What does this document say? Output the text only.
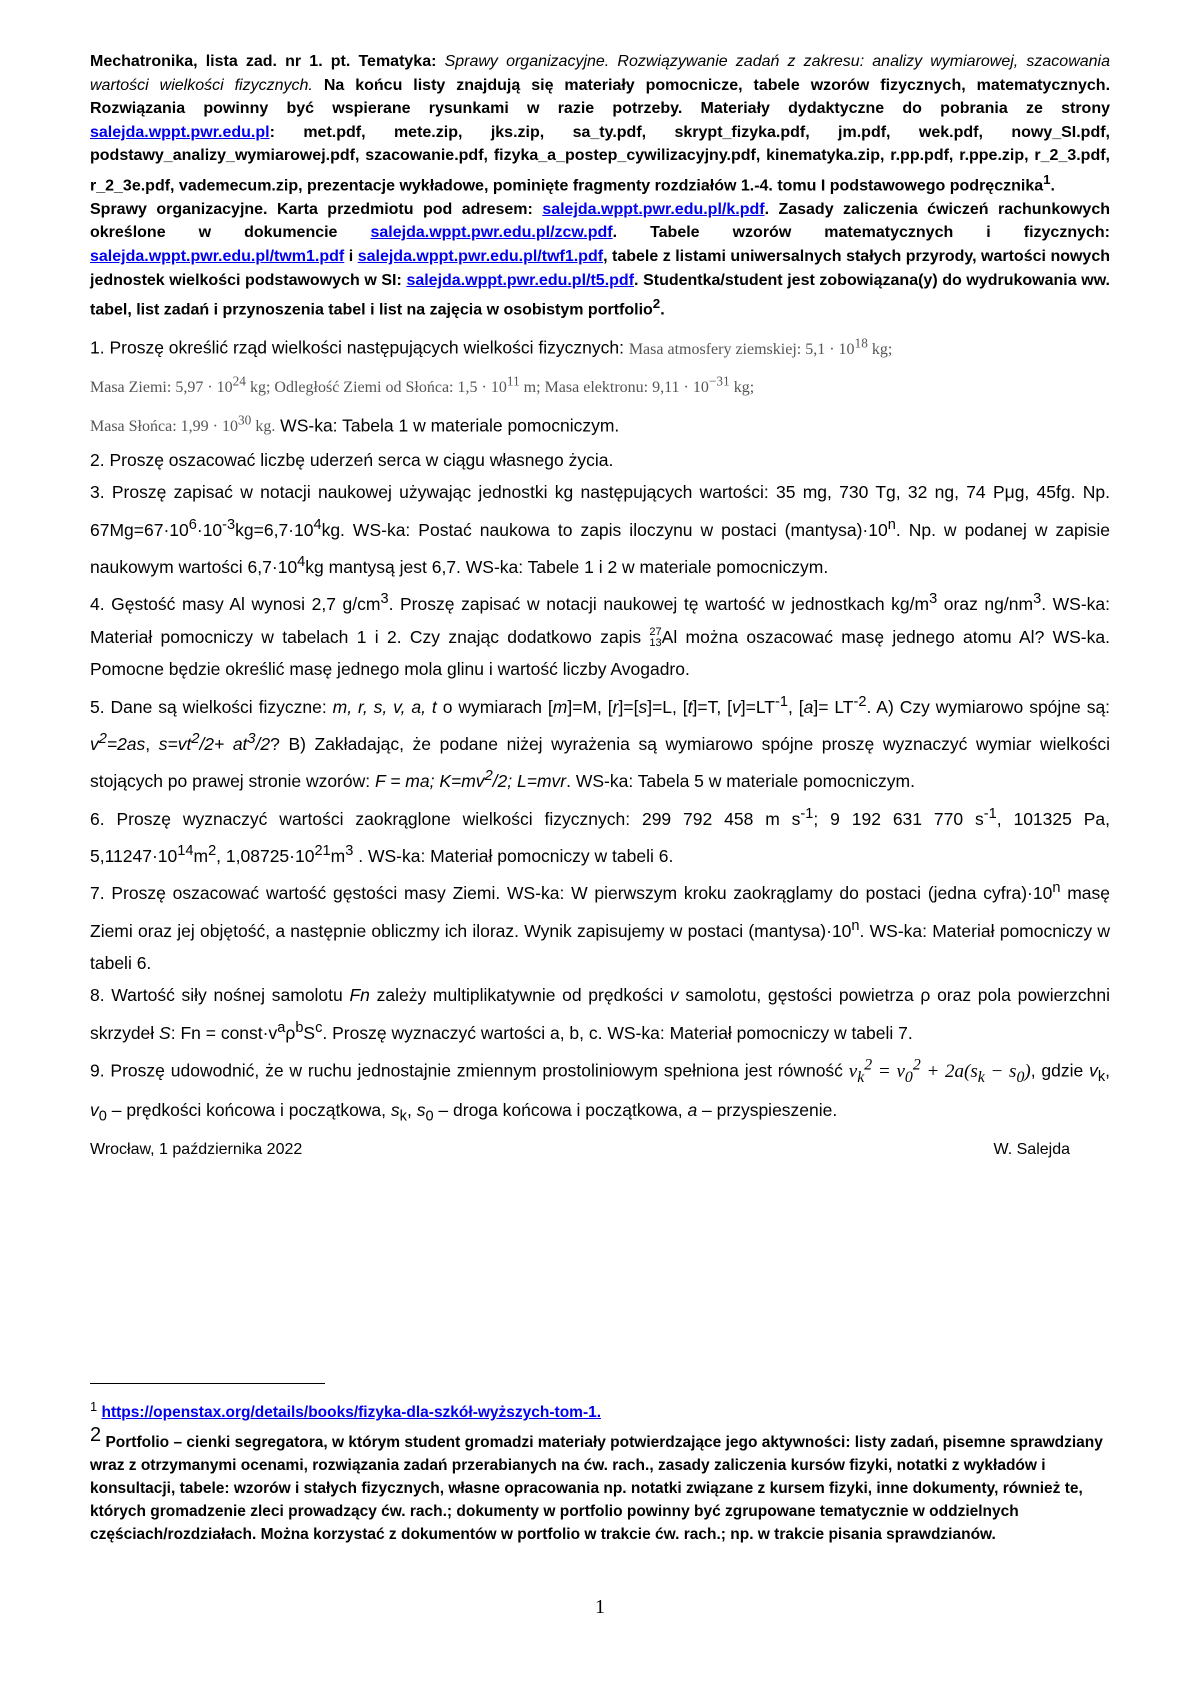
Mechatronika, lista zad. nr 1. pt. Tematyka: Sprawy organizacyjne. Rozwiązywanie zadań z zakresu: analizy wymiarowej, szacowania wartości wielkości fizycznych. Na końcu listy znajdują się materiały pomocnicze, tabele wzorów fizycznych, matematycznych. Rozwiązania powinny być wspierane rysunkami w razie potrzeby. Materiały dydaktyczne do pobrania ze strony salejda.wppt.pwr.edu.pl: met.pdf, mete.zip, jks.zip, sa_ty.pdf, skrypt_fizyka.pdf, jm.pdf, wek.pdf, nowy_SI.pdf, podstawy_analizy_wymiarowej.pdf, szacowanie.pdf, fizyka_a_postep_cywilizacyjny.pdf, kinematyka.zip, r.pp.pdf, r.ppe.zip, r_2_3.pdf, r_2_3e.pdf, vademecum.zip, prezentacje wykładowe, pominięte fragmenty rozdziałów 1.-4. tomu I podstawowego podręcznika$^1$.

Sprawy organizacyjne. Karta przedmiotu pod adresem: salejda.wppt.pwr.edu.pl/k.pdf. Zasady zaliczenia ćwiczeń rachunkowych określone w dokumencie salejda.wppt.pwr.edu.pl/zcw.pdf. Tabele wzorów matematycznych i fizycznych: salejda.wppt.pwr.edu.pl/twm1.pdf i salejda.wppt.pwr.edu.pl/twf1.pdf, tabele z listami uniwersalnych stałych przyrody, wartości nowych jednostek wielkości podstawowych w SI: salejda.wppt.pwr.edu.pl/t5.pdf. Studentka/student jest zobowiązana(y) do wydrukowania ww. tabel, list zadań i przynoszenia tabel i list na zajęcia w osobistym portfolio$^2$.

1. Proszę określić rząd wielkości następujących wielkości fizycznych: Masa atmosfery ziemskiej: $5,1 \cdot 10^{18}$ kg;
Masa Ziemi: $5,97 \cdot 10^{24}$ kg; Odległość Ziemi od Słońca: $1,5 \cdot 10^{11}$ m; Masa elektronu: $9,11 \cdot 10^{-31}$ kg;
Masa Słońca: $1,99 \cdot 10^{30}$ kg. WS-ka: Tabela 1 w materiale pomocniczym.

2. Proszę oszacować liczbę uderzeń serca w ciągu własnego życia.

3. Proszę zapisać w notacji naukowej używając jednostki kg następujących wartości: 35 mg, 730 Tg, 32 ng, 74 Pμg, 45fg. Np. $67Mg=67\cdot 10^6\cdot 10^{-3}kg=6,7\cdot 10^4kg$. WS-ka: Postać naukowa to zapis iloczynu w postaci $(mantysa)\cdot 10^n$. Np. w podanej w zapisie naukowym wartości $6,7\cdot 10^4kg$ mantysą jest 6,7. WS-ka: Tabele 1 i 2 w materiale pomocniczym.

4. Gęstość masy Al wynosi 2,7 $g/cm^3$. Proszę zapisać w notacji naukowej tę wartość w jednostkach $kg/m^3$ oraz $ng/nm^3$. WS-ka: Materiał pomocniczy w tabelach 1 i 2. Czy znając dodatkowo zapis 27
13Al można oszacować masę jednego atomu Al? WS-ka. Pomocne będzie określić masę jednego mola glinu i wartość liczby Avogadro.

5. Dane są wielkości fizyczne: m, r, s, v, a, t o wymiarach [m]=M, [r]=[s]=L, [t]=T, $[v]=LT^{-1}$, $[a]= LT^{-2}$. A) Czy wymiarowo spójne są: $v^2=2as$, $s=vt^2/2+ at^3/2$? B) Zakładając, że podane niżej wyrażenia są wymiarowo spójne proszę wyznaczyć wymiar wielkości stojących po prawej stronie wzorów: F = ma; $K=mv^2/2$; L=mvr. WS-ka: Tabela 5 w materiale pomocniczym.

6. Proszę wyznaczyć wartości zaokrąglone wielkości fizycznych: 299 792 458 m $s^{-1}$; 9 192 631 770 $s^{-1}$, 101325 Pa, $5,11247\cdot 10^{14}m^2$, $1,08725\cdot 10^{21}m^3$ . WS-ka: Materiał pomocniczy w tabeli 6.

7. Proszę oszacować wartość gęstości masy Ziemi. WS-ka: W pierwszym kroku zaokrąglamy do postaci (jedna $cyfra)\cdot 10^n$ masę Ziemi oraz jej objętość, a następnie obliczmy ich iloraz. Wynik zapisujemy w postaci $(mantysa)\cdot 10^n$. WS-ka: Materiał pomocniczy w tabeli 6.

8. Wartość siły nośnej samolotu Fn zależy multiplikatywnie od prędkości v samolotu, gęstości powietrza ρ oraz pola powierzchni skrzydeł S: $Fn = const\cdot v^a\rho^bS^c$. Proszę wyznaczyć wartości a, b, c. WS-ka: Materiał pomocniczy w tabeli 7.

9. Proszę udowodnić, że w ruchu jednostajnie zmiennym prostoliniowym spełniona jest równość $v_k^2 = v_0^2 + 2a(s_k - s_0)$, gdzie $v_k$, $v_0$ – prędkości końcowa i początkowa, $s_k$, $s_0$ – droga końcowa i początkowa, a – przyspieszenie.

Wrocław, 1 października 2022	W. Salejda

$^1$ https://openstax.org/details/books/fizyka-dla-szkół-wyższych-tom-1.

$^2$ Portfolio – cienki segregatora, w którym student gromadzi materiały potwierdzające jego aktywności: listy zadań, pisemne sprawdziany wraz z otrzymanymi ocenami, rozwiązania zadań przerabianych na ćw. rach., zasady zaliczenia kursów fizyki, notatki z wykładów i konsultacji, tabele: wzorów i stałych fizycznych, własne opracowania np. notatki związane z kursem fizyki, inne dokumenty, również te, których gromadzenie zleci prowadzący ćw. rach.; dokumenty w portfolio powinny być zgrupowane tematycznie w oddzielnych częściach/rozdziałach. Można korzystać z dokumentów w portfolio w trakcie ćw. rach.; np. w trakcie pisania sprawdzianów.

1
